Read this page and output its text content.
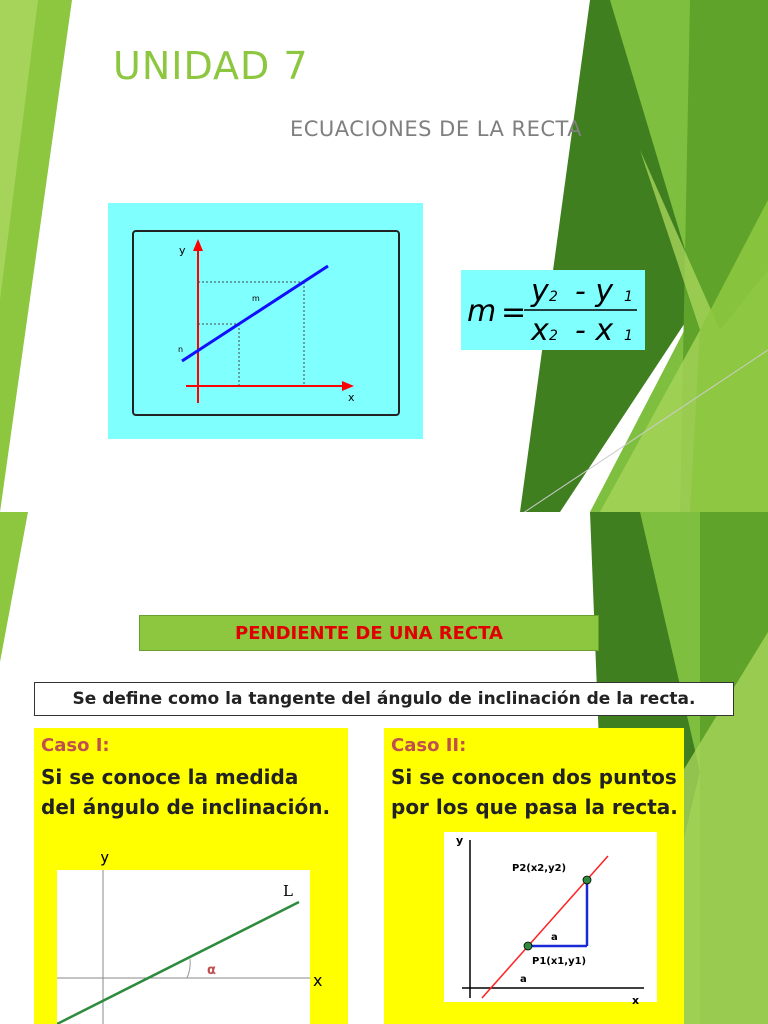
UNIDAD 7
ECUACIONES DE LA RECTA
y
x
m
n
m =
y 2 - y 1
x 2 - x 1
PENDIENTE DE UNA RECTA
Se define como la tangente del ángulo de inclinación de la recta.
Caso I:
Si se conoce la medida del ángulo de inclinación.
y
x
L
α
Caso II:
Si se conocen dos puntos por los que pasa la recta.
y
x
P2(x2,y2)
P1(x1,y1)
a
a
